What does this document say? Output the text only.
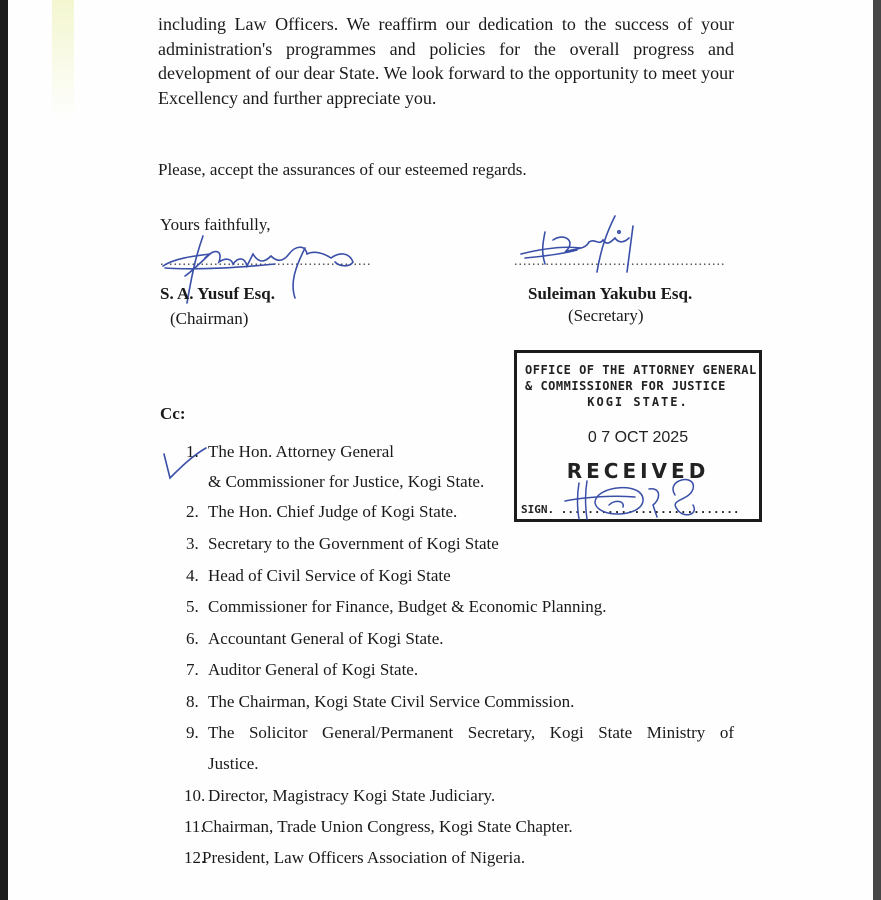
including Law Officers. We reaffirm our dedication to the success of your
administration's programmes and policies for the overall progress and
development of our dear State. We look forward to the opportunity to meet your
Excellency and further appreciate you.
Please, accept the assurances of our esteemed regards.
Yours faithfully,
...............................................	...............................................
S. A. Yusuf Esq.
(Chairman)
Suleiman Yakubu Esq.
(Secretary)
OFFICE OF THE ATTORNEY GENERAL
& COMMISSIONER FOR JUSTICE
KOGI STATE.
0 7 OCT 2025
RECEIVED
SIGN. ...........................
Cc:
1. The Hon. Attorney General
& Commissioner for Justice, Kogi State.
2. The Hon. Chief Judge of Kogi State.
3. Secretary to the Government of Kogi State
4. Head of Civil Service of Kogi State
5. Commissioner for Finance, Budget & Economic Planning.
6. Accountant General of Kogi State.
7. Auditor General of Kogi State.
8. The Chairman, Kogi State Civil Service Commission.
9. The Solicitor General/Permanent Secretary, Kogi State Ministry of
Justice.
10. Director, Magistracy Kogi State Judiciary.
11.Chairman, Trade Union Congress, Kogi State Chapter.
12.President, Law Officers Association of Nigeria.
